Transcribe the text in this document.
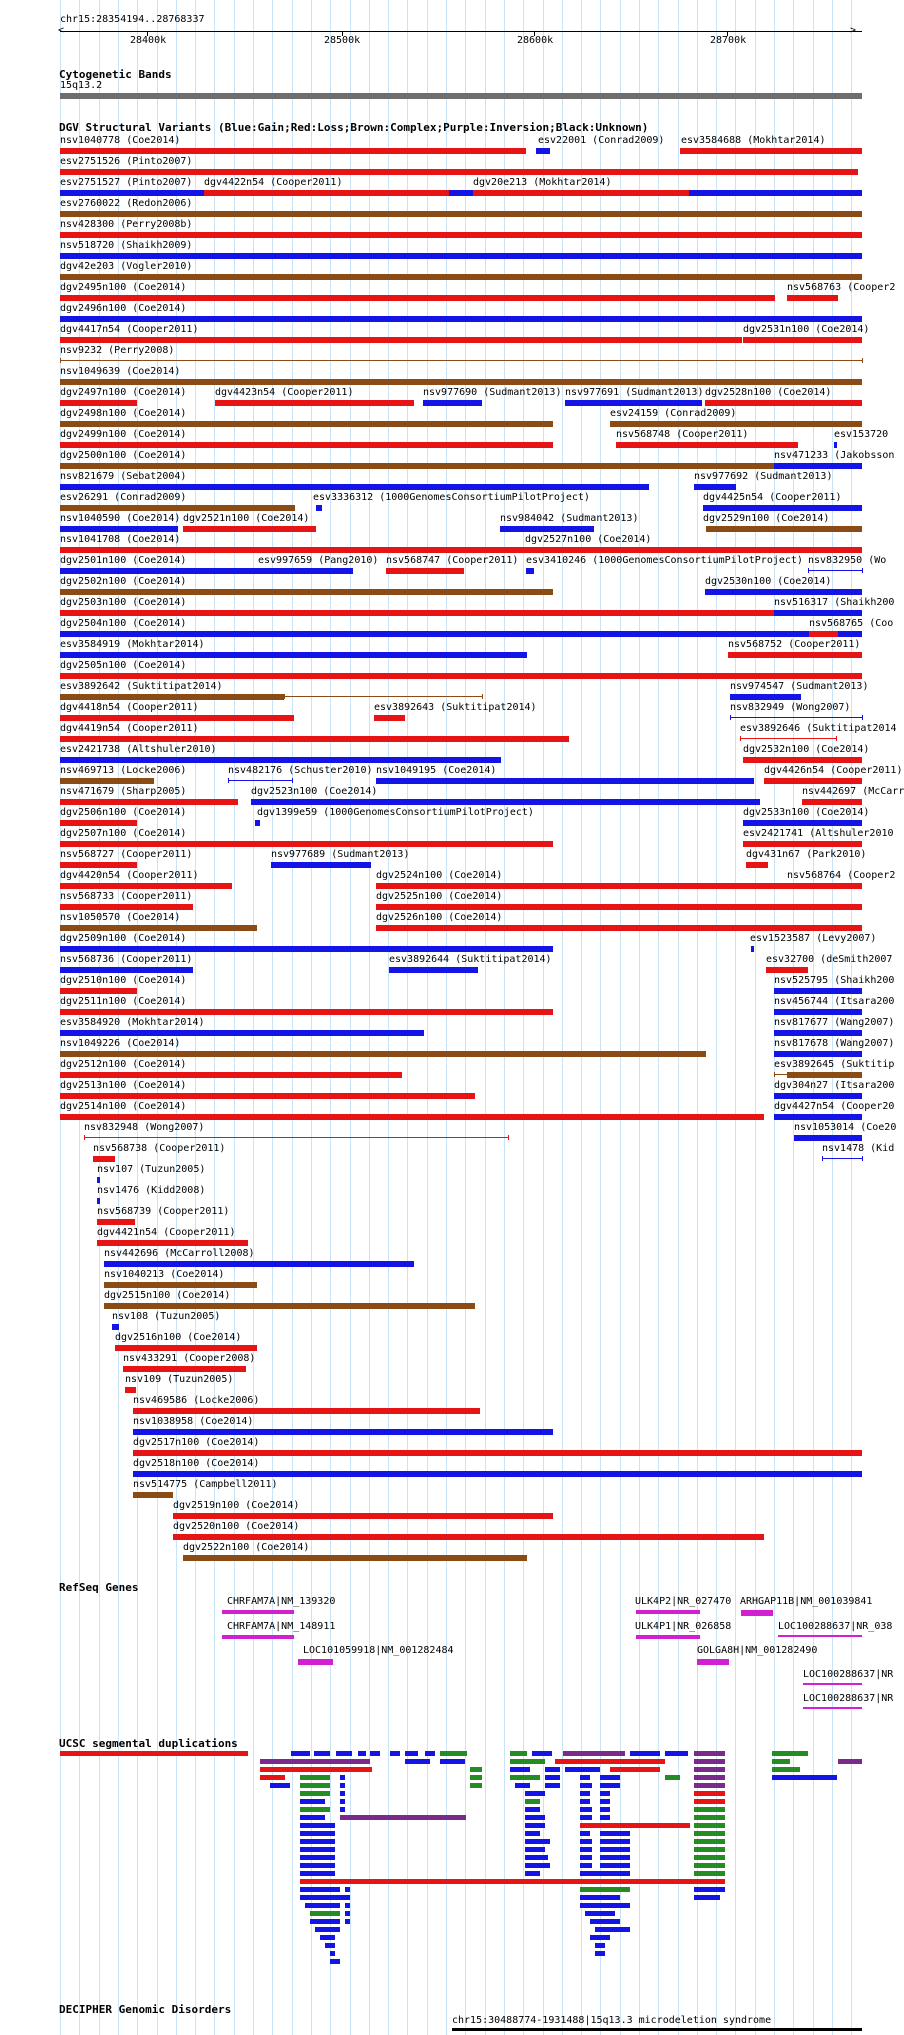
chr15:28354194..28768337
<	>
28400k	28500k	28600k	28700k
Cytogenetic Bands
15q13.2
DGV Structural Variants (Blue:Gain;Red:Loss;Brown:Complex;Purple:Inversion;Black:Unknown)
nsv1040778 (Coe2014)	esv22001 (Conrad2009) esv3584688 (Mokhtar2014)
esv2751526 (Pinto2007)
esv2751527 (Pinto2007) dgv4422n54 (Cooper2011)	dgv20e213 (Mokhtar2014)
esv2760022 (Redon2006)
nsv428300 (Perry2008b)
nsv518720 (Shaikh2009)
dgv42e203 (Vogler2010)
dgv2495n100 (Coe2014)	nsv568763 (Cooper2
dgv2496n100 (Coe2014)
dgv4417n54 (Cooper2011)	dgv2531n100 (Coe2014)
nsv9232 (Perry2008)
nsv1049639 (Coe2014)
dgv2497n100 (Coe2014)	dgv4423n54 (Cooper2011)	nsv977690 (Sudmant2013) nsv977691 (Sudmant2013) dgv2528n100 (Coe2014)
dgv2498n100 (Coe2014)	esv24159 (Conrad2009)
dgv2499n100 (Coe2014)	nsv568748 (Cooper2011)	esv153720
dgv2500n100 (Coe2014)	nsv471233 (Jakobsson
nsv821679 (Sebat2004)	nsv977692 (Sudmant2013)
esv26291 (Conrad2009)	esv3336312 (1000GenomesConsortiumPilotProject)	dgv4425n54 (Cooper2011)
nsv1040590 (Coe2014) dgv2521n100 (Coe2014)	nsv984042 (Sudmant2013)	dgv2529n100 (Coe2014)
nsv1041708 (Coe2014)	dgv2527n100 (Coe2014)
dgv2501n100 (Coe2014)	esv997659 (Pang2010) nsv568747 (Cooper2011) esv3410246 (1000GenomesConsortiumPilotProject) nsv832950 (Wo
dgv2502n100 (Coe2014)	dgv2530n100 (Coe2014)
dgv2503n100 (Coe2014)	nsv516317 (Shaikh200
dgv2504n100 (Coe2014)	nsv568765 (Coo
esv3584919 (Mokhtar2014)	nsv568752 (Cooper2011)
dgv2505n100 (Coe2014)
esv3892642 (Suktitipat2014)	nsv974547 (Sudmant2013)
dgv4418n54 (Cooper2011)	esv3892643 (Suktitipat2014)	nsv832949 (Wong2007)
dgv4419n54 (Cooper2011)	esv3892646 (Suktitipat2014
esv2421738 (Altshuler2010)	dgv2532n100 (Coe2014)
nsv469713 (Locke2006)	nsv482176 (Schuster2010) nsv1049195 (Coe2014)	dgv4426n54 (Cooper2011)
nsv471679 (Sharp2005)	dgv2523n100 (Coe2014)	nsv442697 (McCarr
dgv1399e59 (1000GenomesConsortiumPilotProject)
dgv2506n100 (Coe2014)	dgv2533n100 (Coe2014)
dgv2507n100 (Coe2014)	esv2421741 (Altshuler2010
nsv568727 (Cooper2011)	nsv977689 (Sudmant2013)	dgv431n67 (Park2010)
dgv4420n54 (Cooper2011)	dgv2524n100 (Coe2014)	nsv568764 (Cooper2
nsv568733 (Cooper2011)	dgv2525n100 (Coe2014)
nsv1050570 (Coe2014)	dgv2526n100 (Coe2014)
dgv2509n100 (Coe2014)	esv1523587 (Levy2007)
nsv568736 (Cooper2011)	esv3892644 (Suktitipat2014)	esv32700 (deSmith2007
dgv2510n100 (Coe2014)	nsv525795 (Shaikh200
dgv2511n100 (Coe2014)	nsv456744 (Itsara200
esv3584920 (Mokhtar2014)	nsv817677 (Wang2007)
nsv1049226 (Coe2014)	nsv817678 (Wang2007)
dgv2512n100 (Coe2014)	esv3892645 (Suktitip
dgv2513n100 (Coe2014)	dgv304n27 (Itsara200
dgv2514n100 (Coe2014)	dgv4427n54 (Cooper20
nsv832948 (Wong2007)	nsv1053014 (Coe20
nsv568738 (Cooper2011)	nsv1478 (Kid
nsv107 (Tuzun2005)
nsv1476 (Kidd2008)
nsv568739 (Cooper2011)
dgv4421n54 (Cooper2011)
nsv442696 (McCarroll2008)
nsv1040213 (Coe2014)
dgv2515n100 (Coe2014)
nsv108 (Tuzun2005)
dgv2516n100 (Coe2014)
nsv433291 (Cooper2008)
nsv109 (Tuzun2005)
nsv469586 (Locke2006)
nsv1038958 (Coe2014)
dgv2517n100 (Coe2014)
dgv2518n100 (Coe2014)
nsv514775 (Campbell2011)
dgv2519n100 (Coe2014)
dgv2520n100 (Coe2014)
dgv2522n100 (Coe2014)
RefSeq Genes
CHRFAM7A|NM_139320
CHRFAM7A|NM_148911
LOC101059918|NM_001282484
ULK4P2|NR_027470 ARHGAP11B|NM_001039841
ULK4P1|NR_026858	LOC100288637|NR_038
GOLGA8H|NM_001282490
LOC100288637|NR
LOC100288637|NR
UCSC segmental duplications
DECIPHER Genomic Disorders
chr15:30488774-1931488|15q13.3 microdeletion syndrome
